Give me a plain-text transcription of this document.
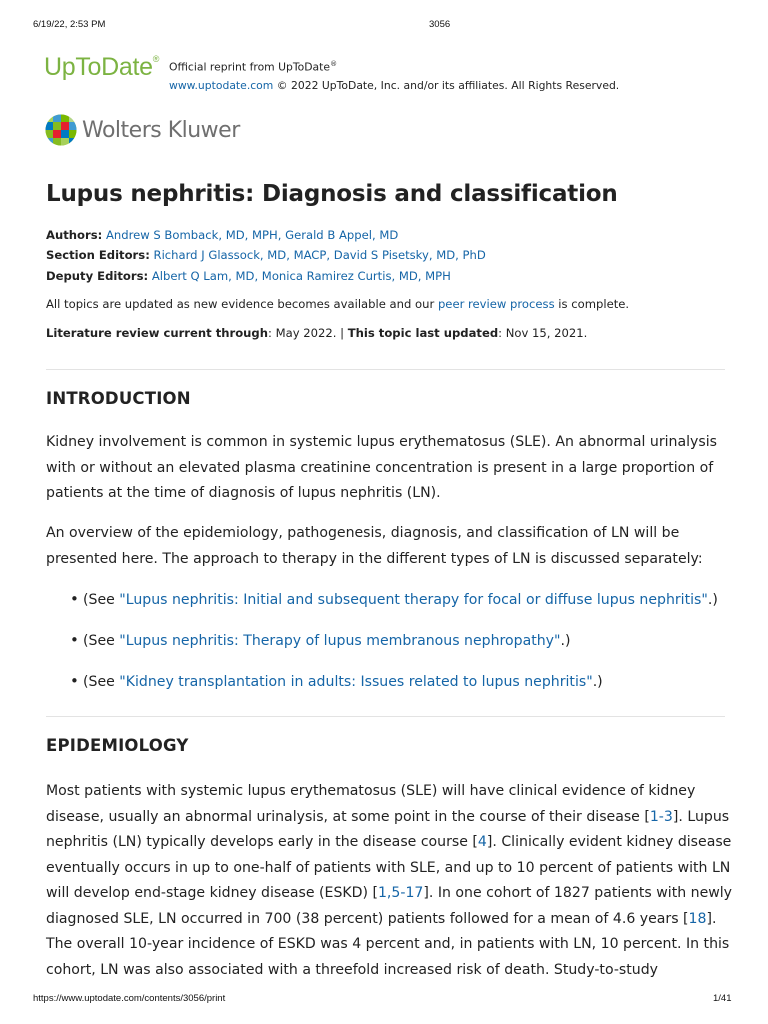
6/19/22, 2:53 PM	3056
UpToDate®
Official reprint from UpToDate®
www.uptodate.com © 2022 UpToDate, Inc. and/or its affiliates. All Rights Reserved.
Wolters Kluwer
Lupus nephritis: Diagnosis and classification
Authors: Andrew S Bomback, MD, MPH, Gerald B Appel, MD
Section Editors: Richard J Glassock, MD, MACP, David S Pisetsky, MD, PhD
Deputy Editors: Albert Q Lam, MD, Monica Ramirez Curtis, MD, MPH
All topics are updated as new evidence becomes available and our peer review process is complete.
Literature review current through: May 2022. | This topic last updated: Nov 15, 2021.
INTRODUCTION

Kidney involvement is common in systemic lupus erythematosus (SLE). An abnormal urinalysis with or without an elevated plasma creatinine concentration is present in a large proportion of patients at the time of diagnosis of lupus nephritis (LN).

An overview of the epidemiology, pathogenesis, diagnosis, and classification of LN will be presented here. The approach to therapy in the different types of LN is discussed separately:

• (See "Lupus nephritis: Initial and subsequent therapy for focal or diffuse lupus nephritis".)
• (See "Lupus nephritis: Therapy of lupus membranous nephropathy".)
• (See "Kidney transplantation in adults: Issues related to lupus nephritis".)
EPIDEMIOLOGY

Most patients with systemic lupus erythematosus (SLE) will have clinical evidence of kidney disease, usually an abnormal urinalysis, at some point in the course of their disease [1-3]. Lupus nephritis (LN) typically develops early in the disease course [4]. Clinically evident kidney disease eventually occurs in up to one-half of patients with SLE, and up to 10 percent of patients with LN will develop end-stage kidney disease (ESKD) [1,5-17]. In one cohort of 1827 patients with newly diagnosed SLE, LN occurred in 700 (38 percent) patients followed for a mean of 4.6 years [18]. The overall 10-year incidence of ESKD was 4 percent and, in patients with LN, 10 percent. In this cohort, LN was also associated with a threefold increased risk of death. Study-to-study

https://www.uptodate.com/contents/3056/print	1/41
